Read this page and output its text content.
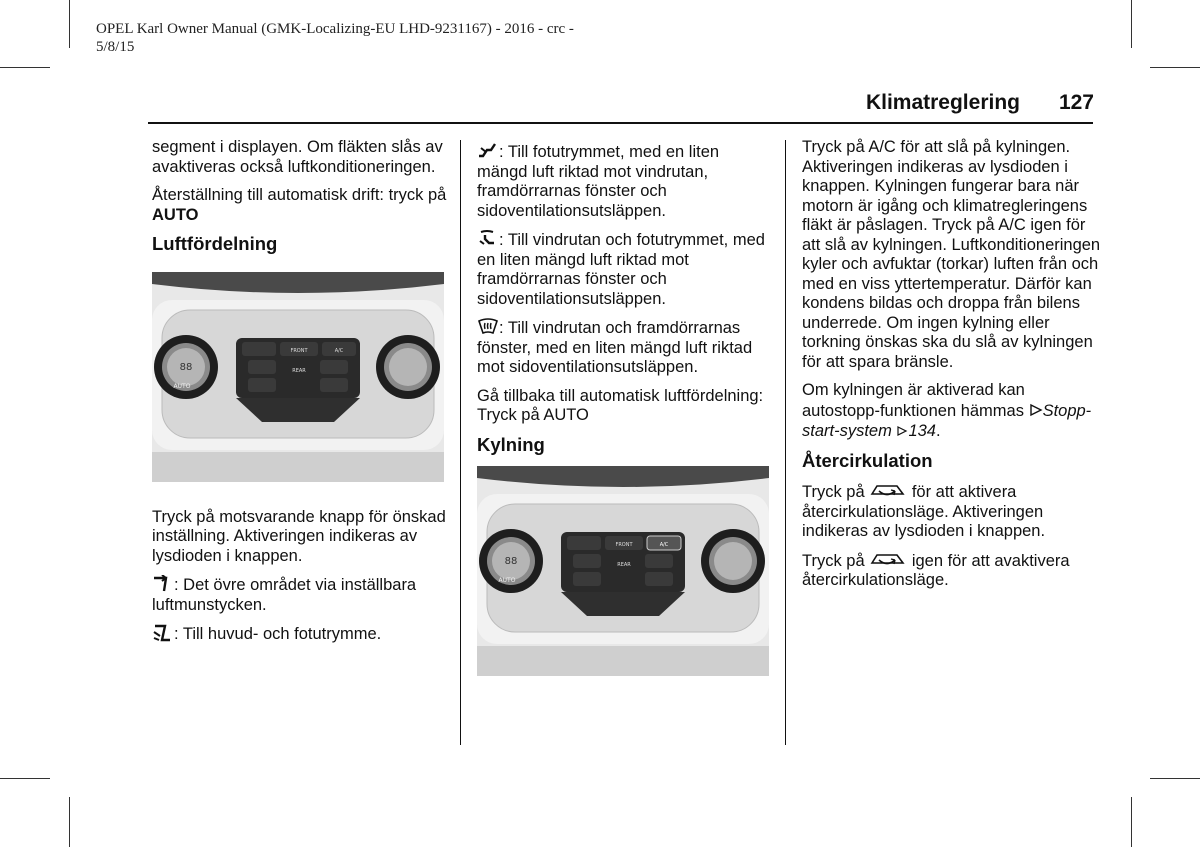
OPEL Karl Owner Manual (GMK-Localizing-EU LHD-9231167) - 2016 - crc -
5/8/15
Klimatreglering	127

segment i displayen. Om fläkten slås av avaktiveras också luftkonditioneringen.

Återställning till automatisk drift: tryck på AUTO

Luftfördelning
88
AUTO
FRONT	A/C
REAR

Tryck på motsvarande knapp för önskad inställning. Aktiveringen indikeras av lysdioden i knappen.

: Det övre området via inställbara luftmunstycken.

: Till huvud- och fotutrymme.

: Till fotutrymmet, med en liten mängd luft riktad mot vindrutan, framdörrarnas fönster och sidoventilationsutsläppen.

: Till vindrutan och fotutrymmet, med en liten mängd luft riktad mot framdörrarnas fönster och sidoventilationsutsläppen.

: Till vindrutan och framdörrarnas fönster, med en liten mängd luft riktad mot sidoventilationsutsläppen.

Gå tillbaka till automatisk luftfördelning: Tryck på AUTO

Kylning
88
AUTO
FRONT	A/C
REAR

Tryck på A/C för att slå på kylningen. Aktiveringen indikeras av lysdioden i knappen. Kylningen fungerar bara när motorn är igång och klimatregleringens fläkt är påslagen. Tryck på A/C igen för att slå av kylningen. Luftkonditioneringen kyler och avfuktar (torkar) luften från och med en viss yttertemperatur. Därför kan kondens bildas och droppa från bilens underrede. Om ingen kylning eller torkning önskas ska du slå av kylningen för att spara bränsle.

Om kylningen är aktiverad kan autostopp-funktionen hämmas Stopp-start-system 134.

Återcirkulation

Tryck på  för att aktivera återcirkulationsläge. Aktiveringen indikeras av lysdioden i knappen.

Tryck på  igen för att avaktivera återcirkulationsläge.
